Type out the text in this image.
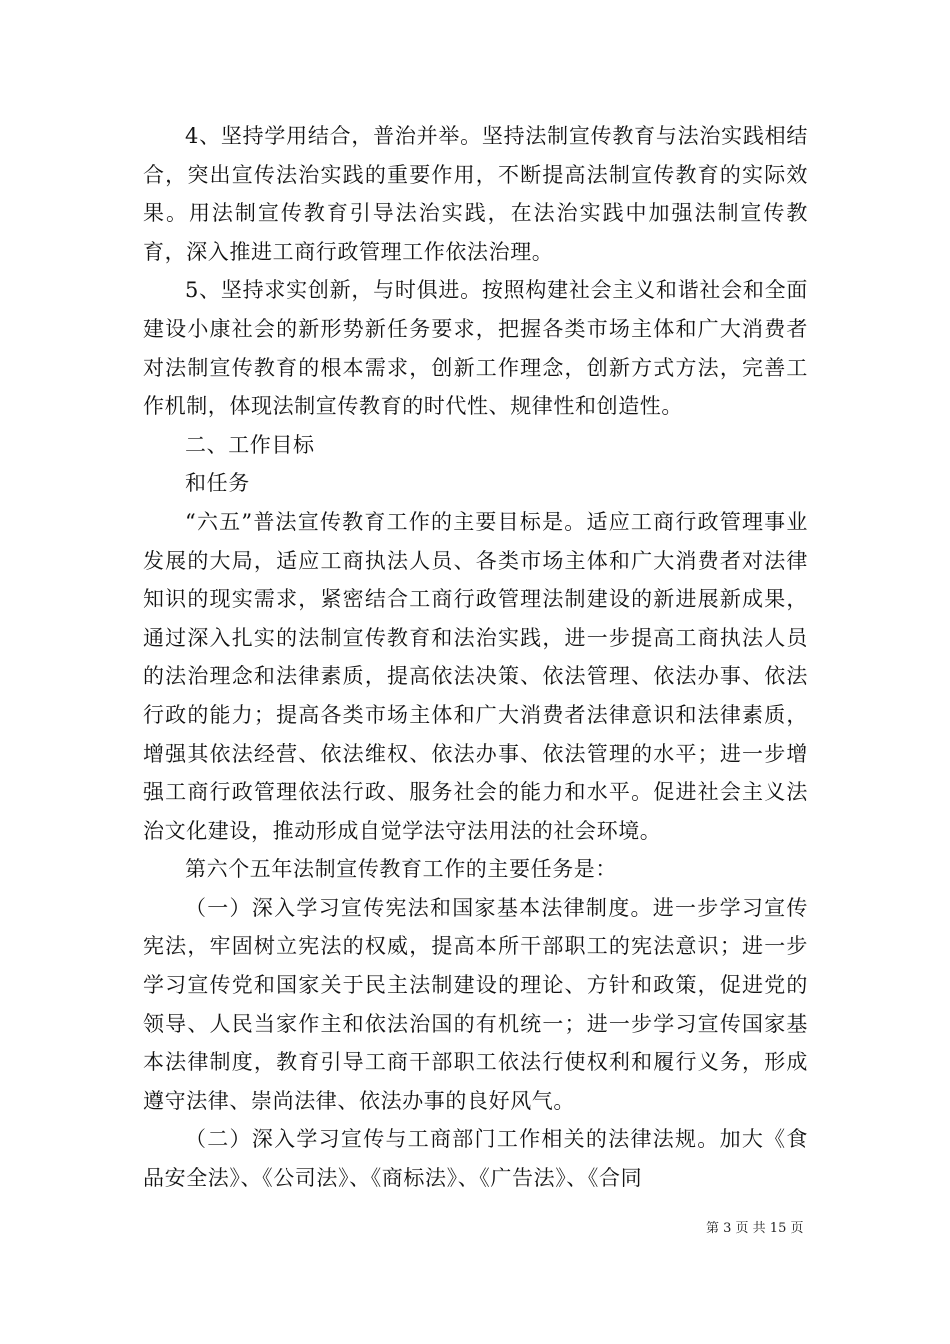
4、坚持学用结合，普治并举。坚持法制宣传教育与法治实践相结合，突出宣传法治实践的重要作用，不断提高法制宣传教育的实际效果。用法制宣传教育引导法治实践，在法治实践中加强法制宣传教育，深入推进工商行政管理工作依法治理。

5、坚持求实创新，与时俱进。按照构建社会主义和谐社会和全面建设小康社会的新形势新任务要求，把握各类市场主体和广大消费者对法制宣传教育的根本需求，创新工作理念，创新方式方法，完善工作机制，体现法制宣传教育的时代性、规律性和创造性。

二、工作目标

和任务

“六五”普法宣传教育工作的主要目标是。适应工商行政管理事业发展的大局，适应工商执法人员、各类市场主体和广大消费者对法律知识的现实需求，紧密结合工商行政管理法制建设的新进展新成果，通过深入扎实的法制宣传教育和法治实践，进一步提高工商执法人员的法治理念和法律素质，提高依法决策、依法管理、依法办事、依法行政的能力；提高各类市场主体和广大消费者法律意识和法律素质，增强其依法经营、依法维权、依法办事、依法管理的水平；进一步增强工商行政管理依法行政、服务社会的能力和水平。促进社会主义法治文化建设，推动形成自觉学法守法用法的社会环境。

第六个五年法制宣传教育工作的主要任务是：

（一）深入学习宣传宪法和国家基本法律制度。进一步学习宣传宪法，牢固树立宪法的权威，提高本所干部职工的宪法意识；进一步学习宣传党和国家关于民主法制建设的理论、方针和政策，促进党的领导、人民当家作主和依法治国的有机统一；进一步学习宣传国家基本法律制度，教育引导工商干部职工依法行使权利和履行义务，形成遵守法律、崇尚法律、依法办事的良好风气。

（二）深入学习宣传与工商部门工作相关的法律法规。加大《食品安全法》、《公司法》、《商标法》、《广告法》、《合同

第 3 页 共 15 页
